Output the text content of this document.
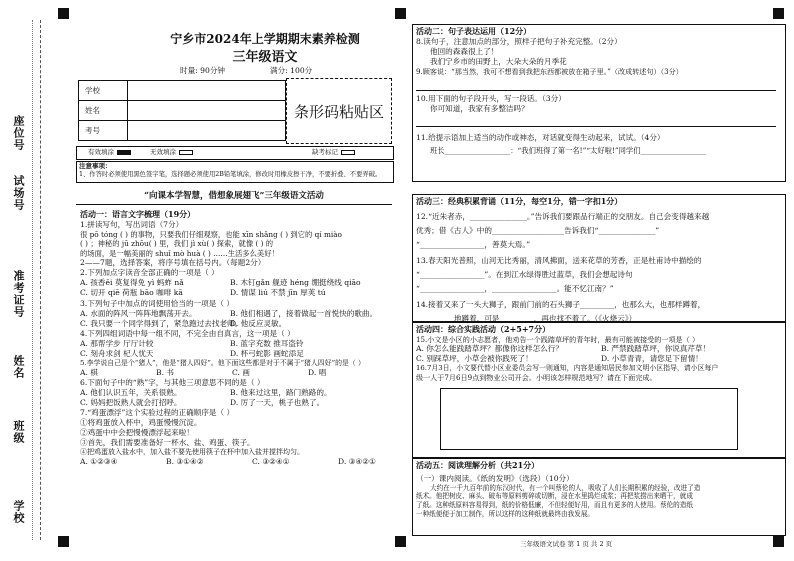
座位号
试场号
准考证号
姓名
班级
学校
宁乡市2024年上学期期末素养检测
三年级语文
时量: 90分钟	满分: 100分
学校	
姓名	
考号	
条形码粘贴区
有效填涂	无效填涂	缺考标记
注意事项：
1、作答时必须使用黑色签字笔，选择题必须使用2B铅笔填涂，修改时用橡皮擦干净，不要折叠、不要弄破。
“向课本学智慧，借想象展翅飞”三年级语文活动
活动一：语言文字梳理（19分）
1.拼读写句，写出词语（7分）
很 pō tóng ( ) 的事物，只要我们仔细观察，也能 xīn shǎng ( ) 到它的 qí miào
( ) ；神秘的 jū zhōu( ) 里，我们 jì xù( ) 探索，就像 ( ) 的
的场面，是一幅美丽的 shuǐ mò huà ( ) ……生活多么美好！
2——7题，选择答案，将序号填在括号内。（每题2分）
2.下列加点字读音全部正确的一项是（ ）
A. 孩香ěi 莫复得免 yì 蚂蚱 nǎ	B. 木钉gǎn 舰迹 héng 绷挺绕线 qiāo
C. 切开 qiē 荷瓶 bāo 咖啡 kā	D. 情谋 liú 不禁 jīn 厚荚 tú
3.下列句子中加点的词使用恰当的一项是（ ）
A. 水面的阵风一阵阵地飘荡开去。	B. 他们相遇了，接着做起一首悦快的歌曲。
C. 我只要一个同学得到了，紧急跑过去找老师。
D. 他反应灵敏。
4.下列四组词语中每一组不同，不完全由自真言，这一项是（ ）
A. 那帮学步 厅厅计较	B. 蓝字充数 推耳盗铃
C. 刻舟求剑 杞人忧天	D. 杯弓蛇影 画蛇添足
5.李学说自己是个“猪人”，他是“猪人四好”。他下面这些都是对于不属于“猪人四好”的是（ ）
A. 棋	B. 书	C. 画	D. 唱
6.下面句子中的“熟”字，与其他三项意思不同的是（ ）
A. 他们认识五年，关系很熟。	B. 他来过这里，路门熟路的。
C. 妈妈把饭熟人就会打招呼。	D. 厉了一天，桃子也熟了。
7.“鸡蛋漂浮”这个实验过程的正确顺序是（ ）
①将鸡蛋放入杯中，鸡蛋慢慢沉淀。
②鸡蛋中中会把慢慢漂浮起来啦！
③首先，我们需要准备好一杯水、盐、鸡蛋、筷子。
④把鸡蛋放入盐水中，加入盐不要先使用筷子在杯中加入盐并搅拌均匀。
A. ①②③④	B. ③①④②	C. ③②④①	D. ③④②①
活动二：句子表达运用（12分）
8.读句子，注意加点的部分，照样子把句子补充完整。（2分）
他回的森森很上了！
我们宁乡市的田野上，大朵大朵的月季花
9.顾客说：“那当然，我可不想看到我把东西都被放在箱子里。”（改成转述句）（3分）
10.用下面的句子段开头，写一段话。（3分）
你可知道，我家有多整洁吗？
11.给提示语加上适当的动作或神态，对话就变得生动起来，试试。（4分）
班长__________________：“我们班得了第一名!”“太好啦!”同学们__________________
活动三：经典积累背诵（11分，每空1分，错一字扣1分）
12.“近朱者赤，_______________。”告诉我们要跟品行端正的交朋友。自己会变得越来越
优秀；借《古人》中的___________________告诉我们“_______________”
“_________________，善莫大焉。”
13.春天阳光普照，山河无比秀丽，清风拂面，送来花草的芳香，正是杜甫诗中描绘的
“_________________”。在到江水绿得胜过蓝草，我们会想起诗句
“_________________，_________________。能不忆江南？”
14.接着又来了一头大狮子，跟前门前的石头狮子_________，也那么大，也那样蹲着，
__________地蹲着，可是_________，再也找不着了。（《火烧云》）
活动四：综合实践活动（2+5+7分）
15.小文是小区的小志愿者，他劝告一个践踏草坪的青年时，最有可能被接受的一项是（ ）
A. 你怎么能践踏草坪？都像你这样怎么行？	B. 严禁践踏草坪，你说真芹草！
C. 别踩草坪，小草会被你践死了！	D. 小草青青，请您足下留情！
16.7月3日，小文要代替小区业委员会写一则通知，内容是通知居民参加文明小区指导，请小区每户
级一人于7月6日9点到物业公司开会。小明该怎样规范地写？请在下面完成。
活动五：阅读理解分析（共21分）
（一）课内阅读。《纸的发明》（选段）（10分）
大约在一千九百年前的东汉时代，有一个叫蔡伦的人，吸收了人们长期积累的经验，改进了造
纸术。他把树皮、麻头、破布等原料剪碎或切断，浸在水里捣烂成浆；再把浆捞出来晒干，就成
了纸。这种纸原料容易得到，纸的价格低廉，不但轻便好用，而且有更多的人使用。蔡伦的造纸
一种纸便便于加工制作，所以这样的这种纸就最终由我发展。
三年级语文试卷 第 1 页 共 2 页
